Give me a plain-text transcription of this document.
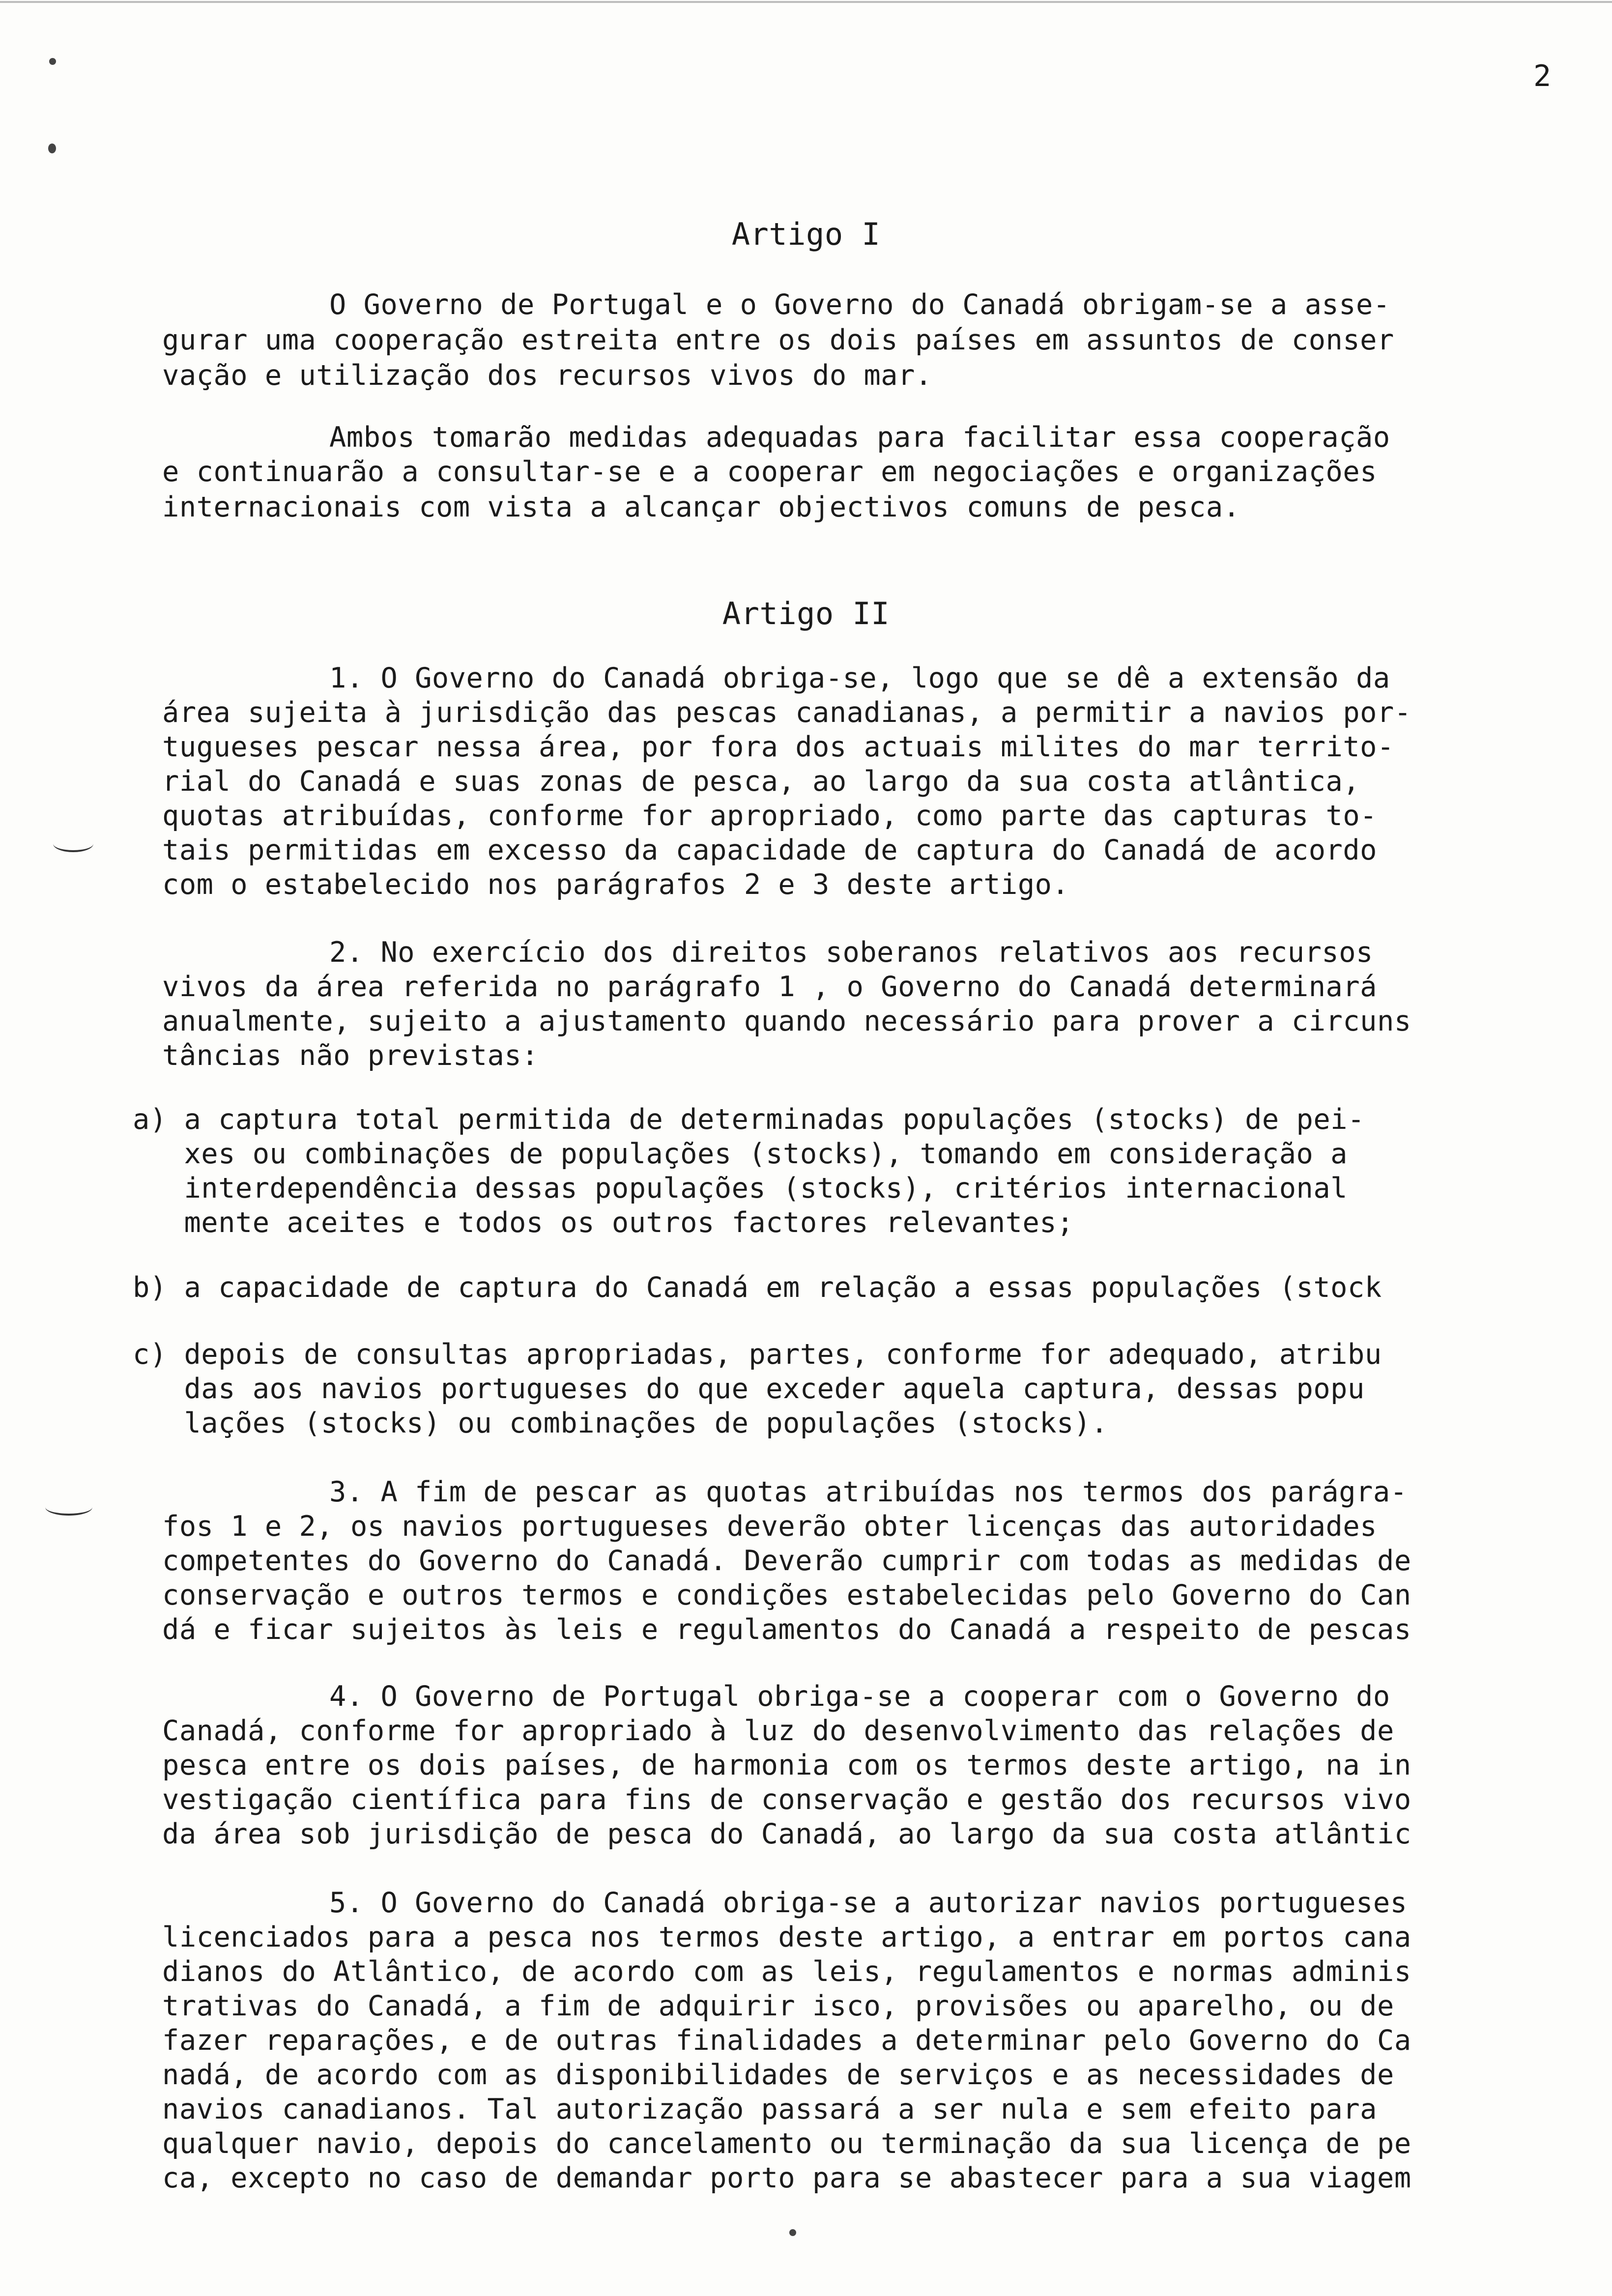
2
Artigo I
O Governo de Portugal e o Governo do Canadá obrigam-se a asse-
gurar uma cooperação estreita entre os dois países em assuntos de conser
vação e utilização dos recursos vivos do mar.
Ambos tomarão medidas adequadas para facilitar essa cooperação
e continuarão a consultar-se e a cooperar em negociações e organizações
internacionais com vista a alcançar objectivos comuns de pesca.
Artigo II
1. O Governo do Canadá obriga-se, logo que se dê a extensão da
área sujeita à jurisdição das pescas canadianas, a permitir a navios por-
tugueses pescar nessa área, por fora dos actuais milites do mar territo-
rial do Canadá e suas zonas de pesca, ao largo da sua costa atlântica,
quotas atribuídas, conforme for apropriado, como parte das capturas to-
tais permitidas em excesso da capacidade de captura do Canadá de acordo
com o estabelecido nos parágrafos 2 e 3 deste artigo.
2. No exercício dos direitos soberanos relativos aos recursos
vivos da área referida no parágrafo 1 , o Governo do Canadá determinará
anualmente, sujeito a ajustamento quando necessário para prover a circuns
tâncias não previstas:
a) a captura total permitida de determinadas populações (stocks) de pei-
xes ou combinações de populações (stocks), tomando em consideração a
interdependência dessas populações (stocks), critérios internacional
mente aceites e todos os outros factores relevantes;
b) a capacidade de captura do Canadá em relação a essas populações (stock
c) depois de consultas apropriadas, partes, conforme for adequado, atribu
das aos navios portugueses do que exceder aquela captura, dessas popu
lações (stocks) ou combinações de populações (stocks).
3. A fim de pescar as quotas atribuídas nos termos dos parágra-
fos 1 e 2, os navios portugueses deverão obter licenças das autoridades
competentes do Governo do Canadá. Deverão cumprir com todas as medidas de
conservação e outros termos e condições estabelecidas pelo Governo do Can
dá e ficar sujeitos às leis e regulamentos do Canadá a respeito de pescas
4. O Governo de Portugal obriga-se a cooperar com o Governo do
Canadá, conforme for apropriado à luz do desenvolvimento das relações de
pesca entre os dois países, de harmonia com os termos deste artigo, na in
vestigação científica para fins de conservação e gestão dos recursos vivo
da área sob jurisdição de pesca do Canadá, ao largo da sua costa atlântic
5. O Governo do Canadá obriga-se a autorizar navios portugueses
licenciados para a pesca nos termos deste artigo, a entrar em portos cana
dianos do Atlântico, de acordo com as leis, regulamentos e normas adminis
trativas do Canadá, a fim de adquirir isco, provisões ou aparelho, ou de
fazer reparações, e de outras finalidades a determinar pelo Governo do Ca
nadá, de acordo com as disponibilidades de serviços e as necessidades de
navios canadianos. Tal autorização passará a ser nula e sem efeito para
qualquer navio, depois do cancelamento ou terminação da sua licença de pe
ca, excepto no caso de demandar porto para se abastecer para a sua viagem
